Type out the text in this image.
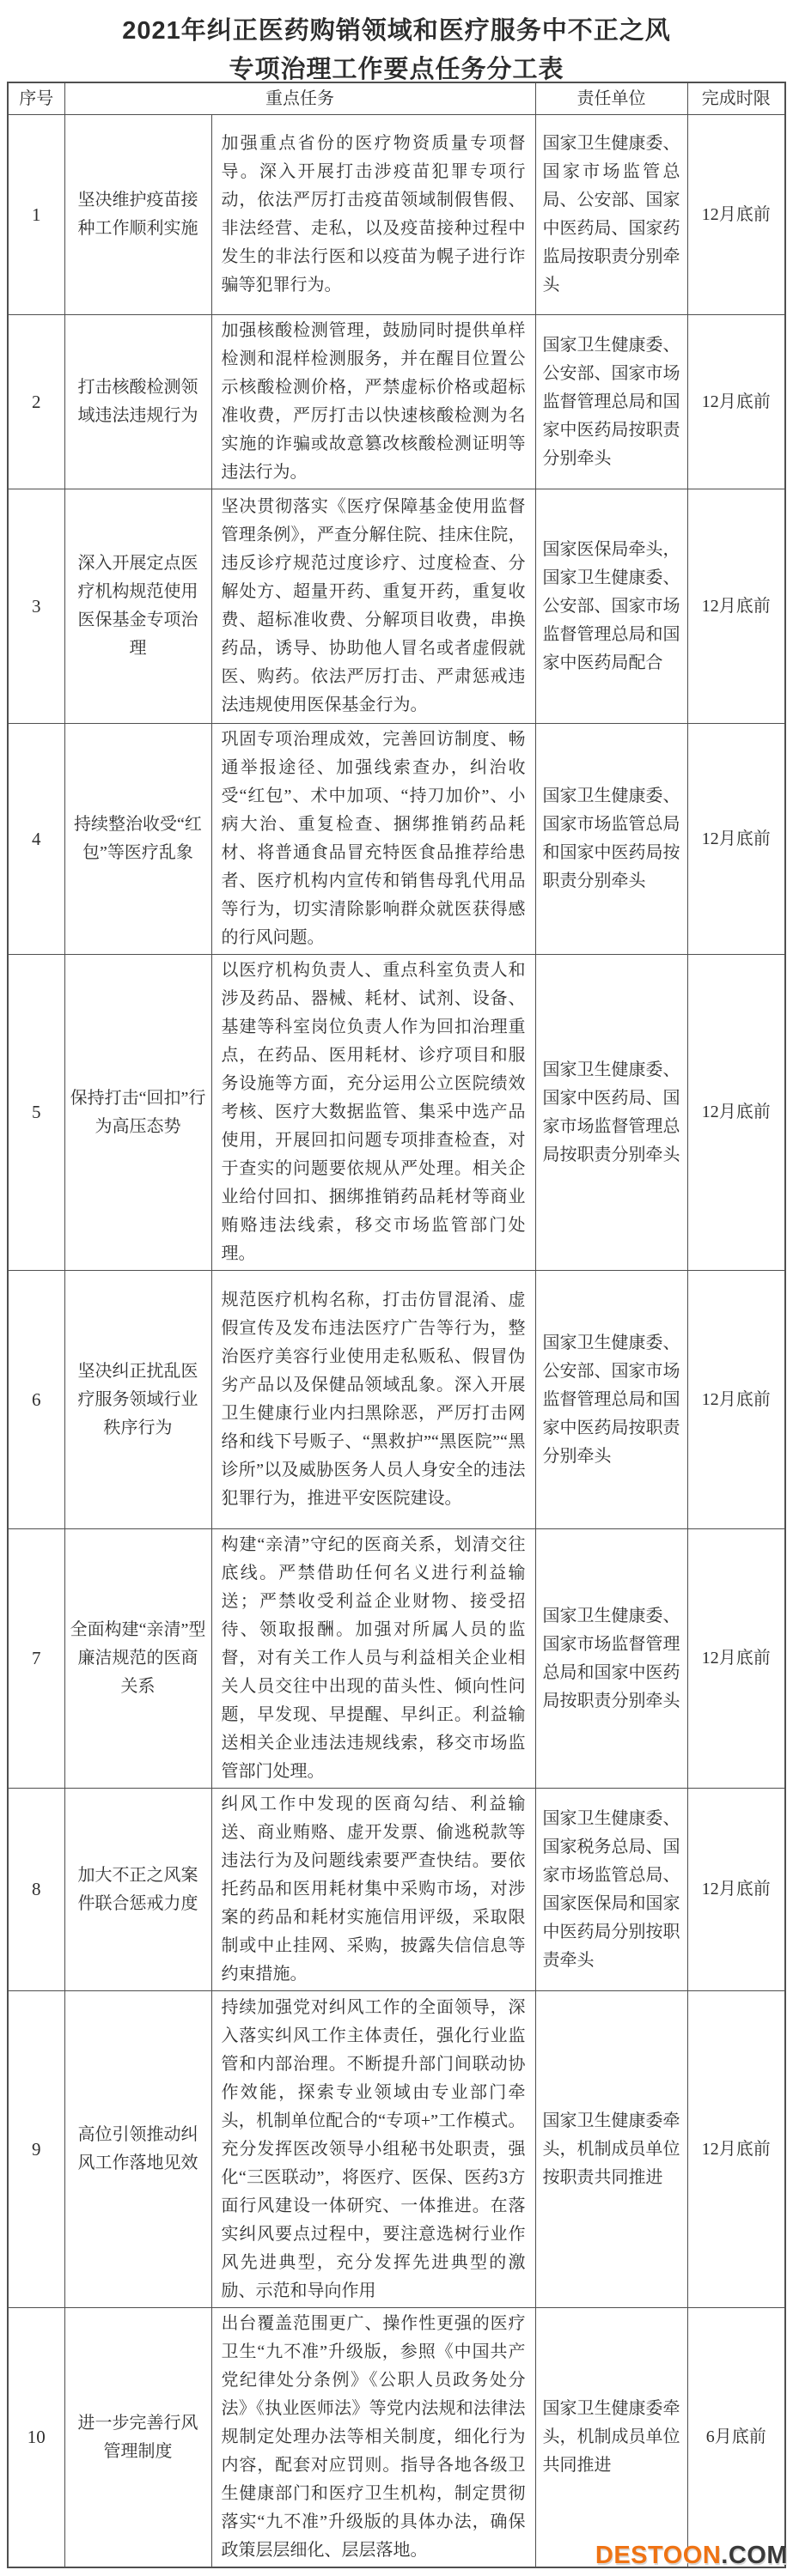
2021年纠正医药购销领域和医疗服务中不正之风
专项治理工作要点任务分工表
序号	重点任务		责任单位	完成时限
1	坚决维护疫苗接种工作顺利实施	加强重点省份的医疗物资质量专项督导。深入开展打击涉疫苗犯罪专项行动，依法严厉打击疫苗领域制假售假、非法经营、走私，以及疫苗接种过程中发生的非法行医和以疫苗为幌子进行诈骗等犯罪行为。	国家卫生健康委、国家市场监管总局、公安部、国家中医药局、国家药监局按职责分别牵头	12月底前
2	打击核酸检测领域违法违规行为	加强核酸检测管理，鼓励同时提供单样检测和混样检测服务，并在醒目位置公示核酸检测价格，严禁虚标价格或超标准收费，严厉打击以快速核酸检测为名实施的诈骗或故意篡改核酸检测证明等违法行为。	国家卫生健康委、公安部、国家市场监督管理总局和国家中医药局按职责分别牵头	12月底前
3	深入开展定点医疗机构规范使用医保基金专项治理	坚决贯彻落实《医疗保障基金使用监督管理条例》，严查分解住院、挂床住院，违反诊疗规范过度诊疗、过度检查、分解处方、超量开药、重复开药，重复收费、超标准收费、分解项目收费，串换药品，诱导、协助他人冒名或者虚假就医、购药。依法严厉打击、严肃惩戒违法违规使用医保基金行为。	国家医保局牵头，国家卫生健康委、公安部、国家市场监督管理总局和国家中医药局配合	12月底前
4	持续整治收受“红包”等医疗乱象	巩固专项治理成效，完善回访制度、畅通举报途径、加强线索查办，纠治收受“红包”、术中加项、“持刀加价”、小病大治、重复检查、捆绑推销药品耗材、将普通食品冒充特医食品推荐给患者、医疗机构内宣传和销售母乳代用品等行为，切实清除影响群众就医获得感的行风问题。	国家卫生健康委、国家市场监管总局和国家中医药局按职责分别牵头	12月底前
5	保持打击“回扣”行为高压态势	以医疗机构负责人、重点科室负责人和涉及药品、器械、耗材、试剂、设备、基建等科室岗位负责人作为回扣治理重点，在药品、医用耗材、诊疗项目和服务设施等方面，充分运用公立医院绩效考核、医疗大数据监管、集采中选产品使用，开展回扣问题专项排查检查，对于查实的问题要依规从严处理。相关企业给付回扣、捆绑推销药品耗材等商业贿赂违法线索，移交市场监管部门处理。	国家卫生健康委、国家中医药局、国家市场监督管理总局按职责分别牵头	12月底前
6	坚决纠正扰乱医疗服务领域行业秩序行为	规范医疗机构名称，打击仿冒混淆、虚假宣传及发布违法医疗广告等行为，整治医疗美容行业使用走私贩私、假冒伪劣产品以及保健品领域乱象。深入开展卫生健康行业内扫黑除恶，严厉打击网络和线下号贩子、“黑救护”“黑医院”“黑诊所”以及威胁医务人员人身安全的违法犯罪行为，推进平安医院建设。	国家卫生健康委、公安部、国家市场监督管理总局和国家中医药局按职责分别牵头	12月底前
7	全面构建“亲清”型廉洁规范的医商关系	构建“亲清”守纪的医商关系，划清交往底线。严禁借助任何名义进行利益输送；严禁收受利益企业财物、接受招待、领取报酬。加强对所属人员的监督，对有关工作人员与利益相关企业相关人员交往中出现的苗头性、倾向性问题，早发现、早提醒、早纠正。利益输送相关企业违法违规线索，移交市场监管部门处理。	国家卫生健康委、国家市场监督管理总局和国家中医药局按职责分别牵头	12月底前
8	加大不正之风案件联合惩戒力度	纠风工作中发现的医商勾结、利益输送、商业贿赂、虚开发票、偷逃税款等违法行为及问题线索要严查快结。要依托药品和医用耗材集中采购市场，对涉案的药品和耗材实施信用评级，采取限制或中止挂网、采购，披露失信信息等约束措施。	国家卫生健康委、国家税务总局、国家市场监管总局、国家医保局和国家中医药局分别按职责牵头	12月底前
9	高位引领推动纠风工作落地见效	持续加强党对纠风工作的全面领导，深入落实纠风工作主体责任，强化行业监管和内部治理。不断提升部门间联动协作效能，探索专业领域由专业部门牵头，机制单位配合的“专项+”工作模式。充分发挥医改领导小组秘书处职责，强化“三医联动”，将医疗、医保、医药3方面行风建设一体研究、一体推进。在落实纠风要点过程中，要注意选树行业作风先进典型，充分发挥先进典型的激励、示范和导向作用	国家卫生健康委牵头，机制成员单位按职责共同推进	12月底前
10	进一步完善行风管理制度	出台覆盖范围更广、操作性更强的医疗卫生“九不准”升级版，参照《中国共产党纪律处分条例》《公职人员政务处分法》《执业医师法》等党内法规和法律法规制定处理办法等相关制度，细化行为内容，配套对应罚则。指导各地各级卫生健康部门和医疗卫生机构，制定贯彻落实“九不准”升级版的具体办法，确保政策层层细化、层层落地。	国家卫生健康委牵头，机制成员单位共同推进	6月底前
DESTOON.COM
